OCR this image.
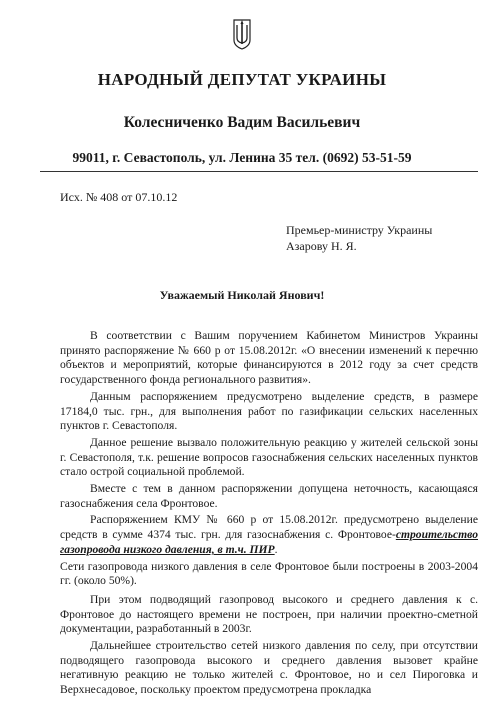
НАРОДНЫЙ ДЕПУТАТ УКРАИНЫ
Колесниченко Вадим Васильевич
99011, г. Севастополь, ул. Ленина 35 тел. (0692) 53-51-59
Исх. № 408 от 07.10.12
Премьер-министру Украины
Азарову Н. Я.
Уважаемый Николай Янович!

В соответствии с Вашим поручением Кабинетом Министров Украины принято распоряжение № 660 р от 15.08.2012г. «О внесении изменений к перечню объектов и мероприятий, которые финансируются в 2012 году за счет средств государственного фонда регионального развития».

Данным распоряжением предусмотрено выделение средств, в размере 17184,0 тыс. грн., для выполнения работ по газификации сельских населенных пунктов г. Севастополя.

Данное решение вызвало положительную реакцию у жителей сельской зоны г. Севастополя, т.к. решение вопросов газоснабжения сельских населенных пунктов стало острой социальной проблемой.

Вместе с тем в данном распоряжении допущена неточность, касающаяся газоснабжения села Фронтовое.

Распоряжением КМУ № 660 р от 15.08.2012г. предусмотрено выделение средств в сумме 4374 тыс. грн. для газоснабжения с. Фронтовое-строительство газопровода низкого давления, в т.ч. ПИР.

Сети газопровода низкого давления в селе Фронтовое были построены в 2003-2004 гг. (около 50%).

При этом подводящий газопровод высокого и среднего давления к с. Фронтовое до настоящего времени не построен, при наличии проектно-сметной документации, разработанный в 2003г.

Дальнейшее строительство сетей низкого давления по селу, при отсутствии подводящего газопровода высокого и среднего давления вызовет крайне негативную реакцию не только жителей с. Фронтовое, но и сел Пироговка и Верхнесадовое, поскольку проектом предусмотрена прокладка
